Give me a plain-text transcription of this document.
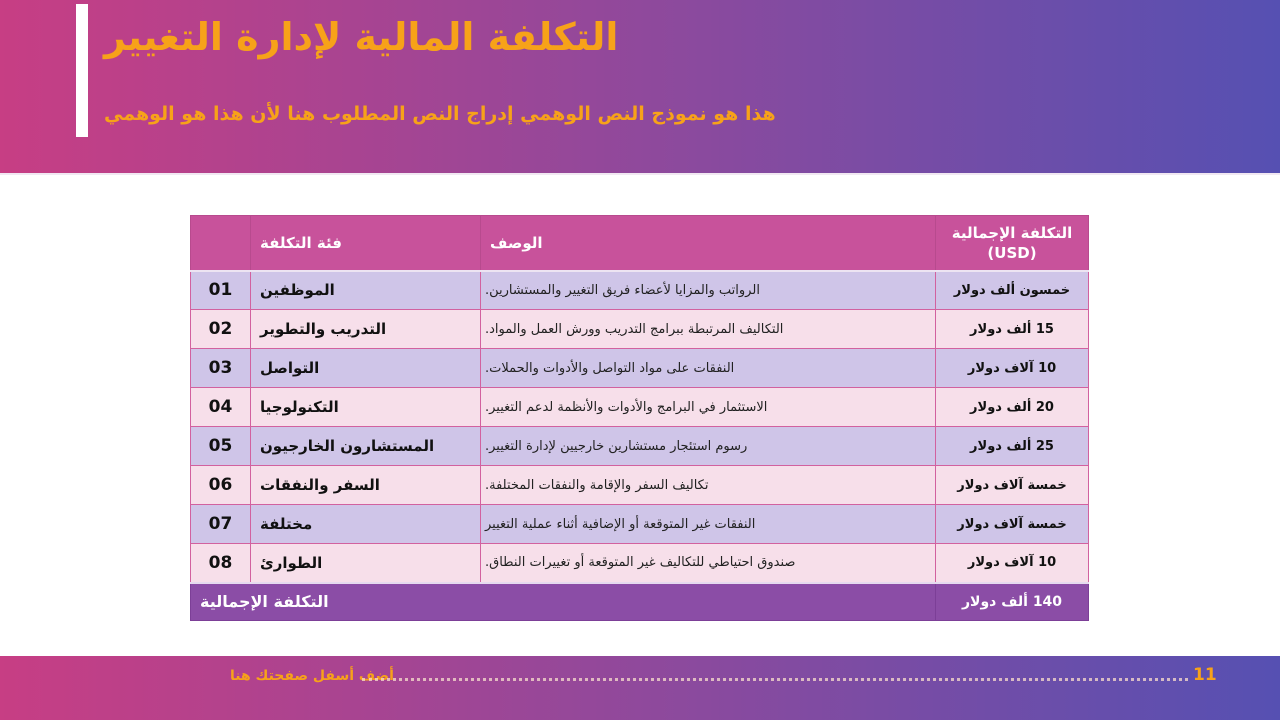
التكلفة المالية لإدارة التغيير
هذا هو نموذج النص الوهمي إدراج النص المطلوب هنا لأن هذا هو الوهمي
	فئة التكلفة	الوصف	التكلفة الإجمالية
(USD)
01	الموظفين	الرواتب والمزايا لأعضاء فريق التغيير والمستشارين.	خمسون ألف دولار
02	التدريب والتطوير	التكاليف المرتبطة ببرامج التدريب وورش العمل والمواد.	15 ألف دولار
03	التواصل	النفقات على مواد التواصل والأدوات والحملات.	10 آلاف دولار
04	التكنولوجيا	الاستثمار في البرامج والأدوات والأنظمة لدعم التغيير.	20 ألف دولار
05	المستشارون الخارجيون	رسوم استئجار مستشارين خارجيين لإدارة التغيير.	25 ألف دولار
06	السفر والنفقات	تكاليف السفر والإقامة والنفقات المختلفة.	خمسة آلاف دولار
07	مختلفة	النفقات غير المتوقعة أو الإضافية أثناء عملية التغيير	خمسة آلاف دولار
08	الطوارئ	صندوق احتياطي للتكاليف غير المتوقعة أو تغييرات النطاق.	10 آلاف دولار
التكلفة الإجمالية			140 ألف دولار
أضف أسفل صفحتك هنا	11
